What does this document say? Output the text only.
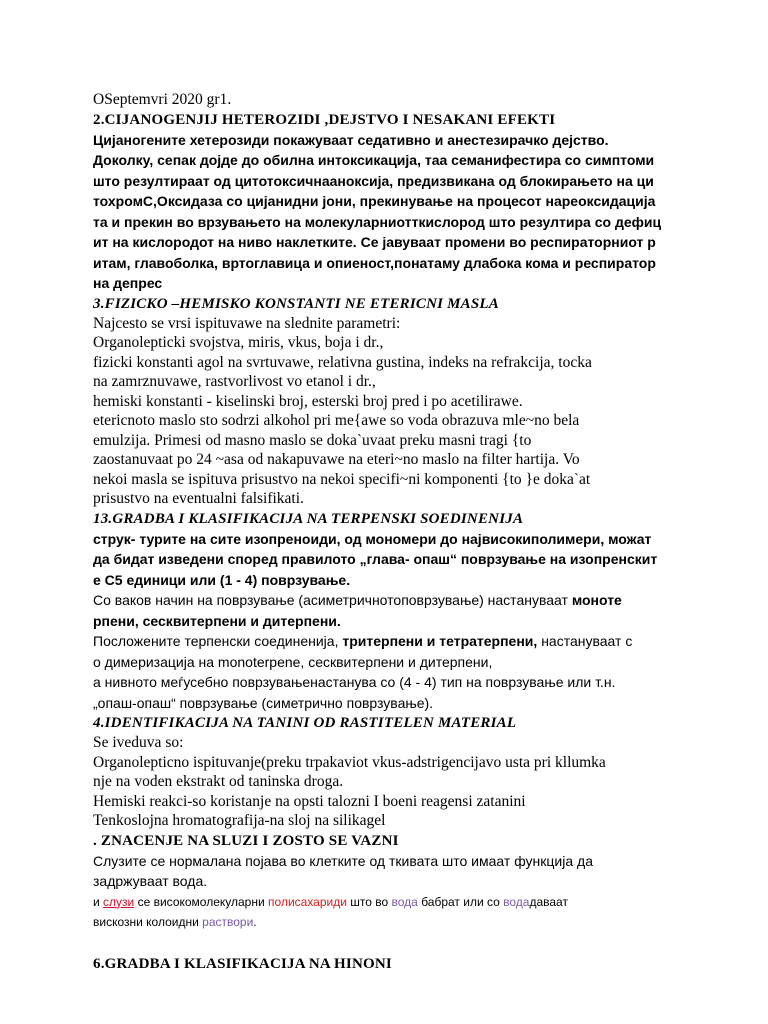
OSeptemvri 2020 gr1.
2.CIJANOGENJIJ HETEROZIDI ,DEJSTVO I NESAKANI EFEKTI
Цијаногените хетерозиди покажуваат седативно и анестезирачко дејство.
Доколку, сепак дојде до обилна интоксикација, таа семанифестира со симптоми
што резултираат од цитотоксичнааноксија, предизвикана од блокирањето на ци
тохромС,Оксидаза со цијанидни јони, прекинување на процесот нареоксидација
та и прекин во врзувањето на молекуларниотткислород што резултира со дефиц
ит на кислородот на ниво наклетките. Се јавуваат промени во респираторниот р
итам, главоболка, вртоглавица и опиеност,понатаму длабока кома и респиратор
на депрес
3.FIZICKO –HEMISKO KONSTANTI NE ETERICNI MASLA
Najcesto se vrsi ispituvawe na slednite parametri:
Organolepticki svojstva, miris, vkus, boja i dr.,
fizicki konstanti agol na svrtuvawe, relativna gustina, indeks na refrakcija, tocka
na zamrznuvawe, rastvorlivost vo etanol i dr.,
hemiski konstanti - kiselinski broj, esterski broj pred i po acetilirawe.
etericnoto maslo sto sodrzi alkohol pri me{awe so voda obrazuva mle~no bela
emulzija. Primesi od masno maslo se doka`uvaat preku masni tragi {to
zaostanuvaat po 24 ~asa od nakapuvawe na eteri~no maslo na filter hartija. Vo
nekoi masla se ispituva prisustvo na nekoi specifi~ni komponenti {to }e doka`at
prisustvo na eventualni falsifikati.
13.GRADBA I KLASIFIKACIJA NA TERPENSKI SOEDINENIJA
струк- турите на сите изопреноиди, од мономери до највисокиполимери, можат
да бидат изведени според правилото „глава- опаш“ поврзување на изопренскит
е C5 единици или (1 - 4) поврзување.
Со ваков начин на поврзување (асиметричнотоповрзување) настануваат моноте
рпени, сесквитерпени и дитерпени.
Посложените терпенски соединенија, тритерпени и тетратерпени, настануваат с
о димеризација на monoterpene, сесквитерпени и дитерпени,
а нивното меѓусебно поврзувањенастанува со (4 - 4) тип на поврзување или т.н.
„опаш-опаш“ поврзување (симетрично поврзување).
4.IDENTIFIKACIJA NA TANINI OD RASTITELEN MATERIAL
Se iveduva so:
Organolepticno ispituvanje(preku trpakaviot vkus-adstrigencijavo usta pri kllumka
nje na voden ekstrakt od taninska droga.
Hemiski reakci-so koristanje na opsti talozni I boeni reagensi zatanini
Tenkoslojna hromatografija-na sloj na silikagel
. ZNACENJE NA SLUZI I ZOSTO SE VAZNI
Слузите се нормалана појава во клетките од ткивата што имаат функција да
задржуваат вода.
и слузи се високомолекуларни полисахариди што во вода бабрат или со водадаваат
вискозни колоидни раствори.
6.GRADBA I KLASIFIKACIJA NA HINONI
